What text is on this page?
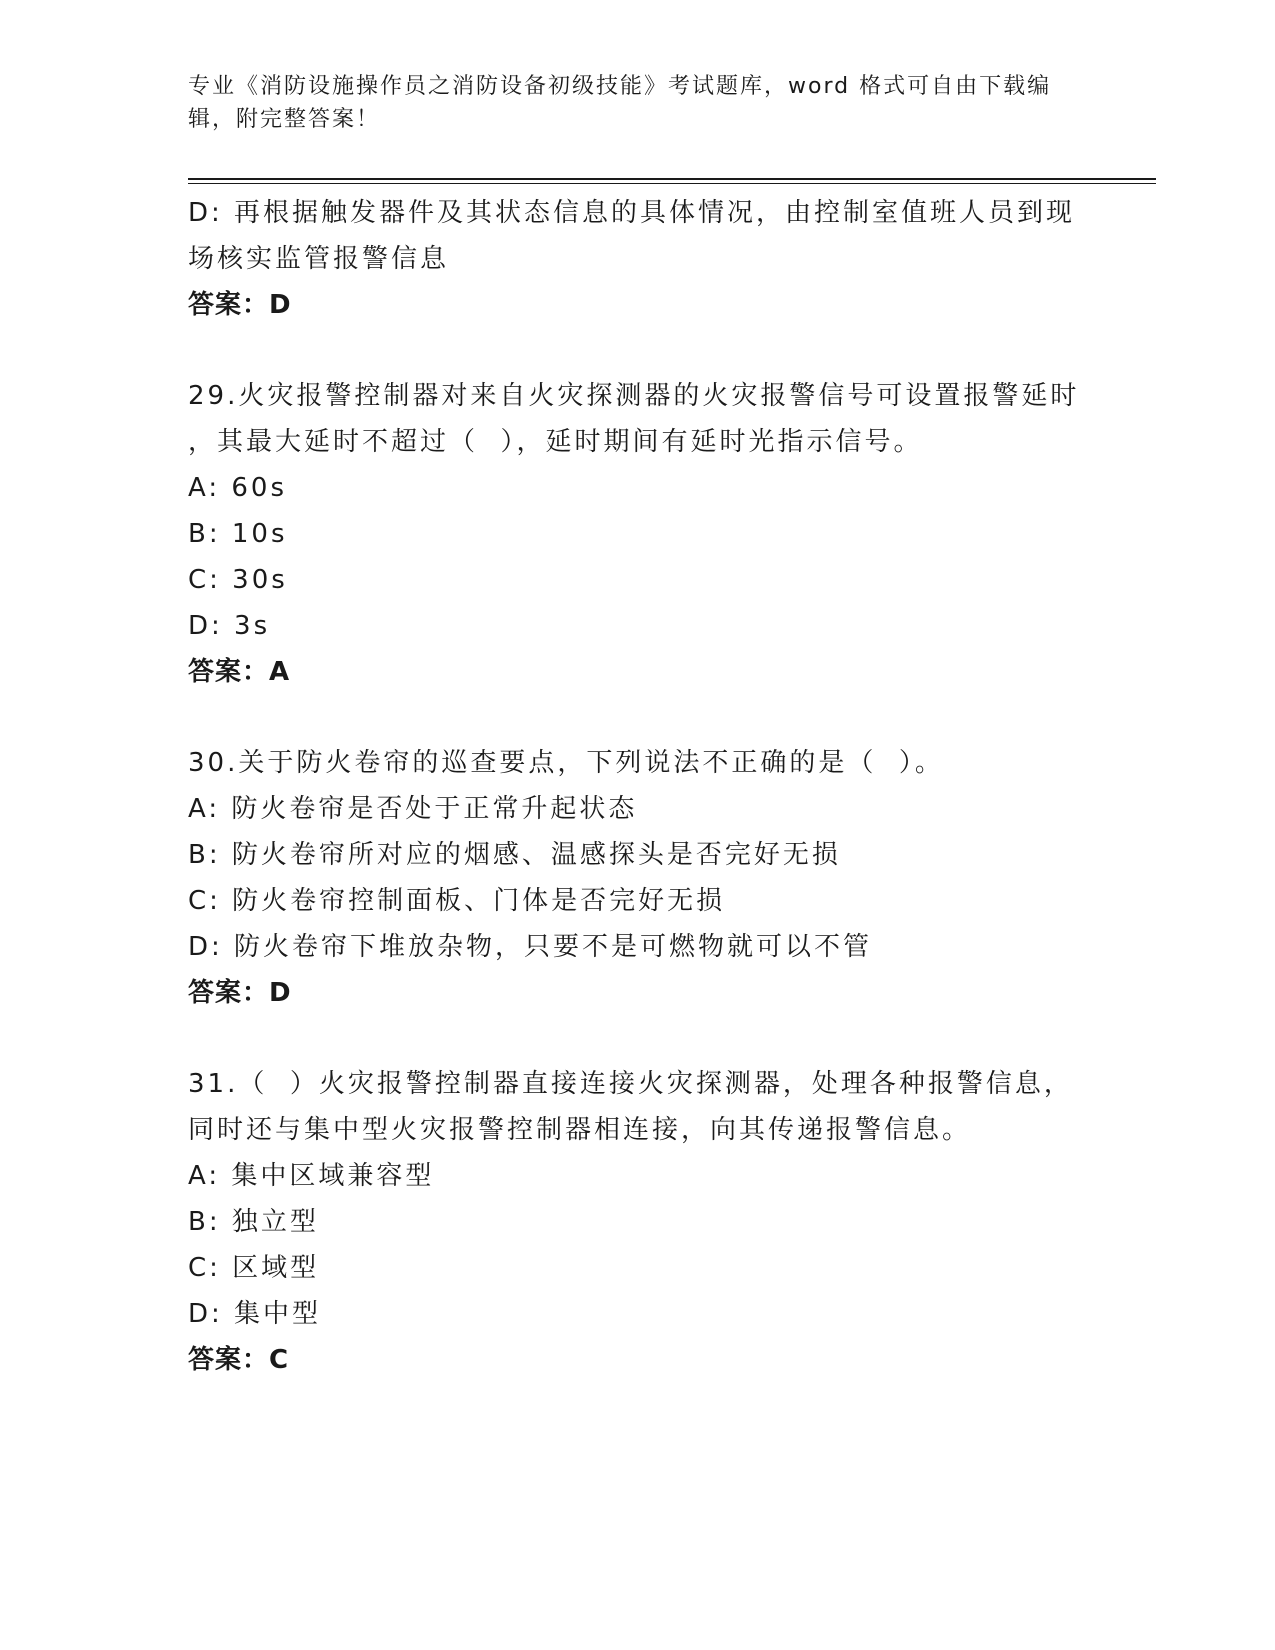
专业《消防设施操作员之消防设备初级技能》考试题库，word 格式可自由下载编
辑，附完整答案！
D: 再根据触发器件及其状态信息的具体情况，由控制室值班人员到现
场核实监管报警信息
答案：D
29.火灾报警控制器对来自火灾探测器的火灾报警信号可设置报警延时
，其最大延时不超过（  ），延时期间有延时光指示信号。
A: 60s
B: 10s
C: 30s
D: 3s
答案：A
30.关于防火卷帘的巡查要点，下列说法不正确的是（  ）。
A: 防火卷帘是否处于正常升起状态
B: 防火卷帘所对应的烟感、温感探头是否完好无损
C: 防火卷帘控制面板、门体是否完好无损
D: 防火卷帘下堆放杂物，只要不是可燃物就可以不管
答案：D
31.（  ）火灾报警控制器直接连接火灾探测器，处理各种报警信息，
同时还与集中型火灾报警控制器相连接，向其传递报警信息。
A: 集中区域兼容型
B: 独立型
C: 区域型
D: 集中型
答案：C
